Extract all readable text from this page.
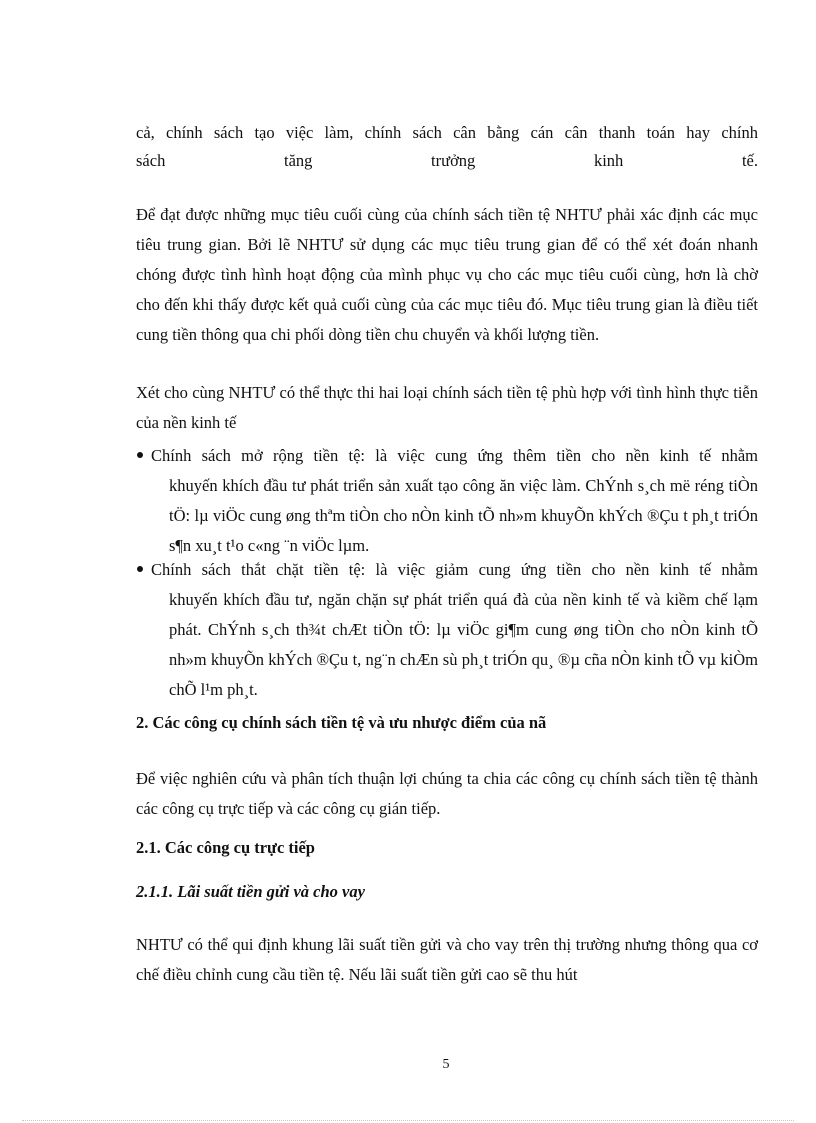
cả, chính sách tạo việc làm, chính sách cân bằng cán cân thanh toán hay chính

sách tăng trưởng kinh tế.

Để đạt được những mục tiêu cuối cùng của chính sách tiền tệ NHTƯ phải xác định các mục tiêu trung gian. Bởi lẽ NHTƯ sử dụng các mục tiêu trung gian để có thể xét đoán nhanh chóng được tình hình hoạt động của mình phục vụ cho các mục tiêu cuối cùng, hơn là chờ cho đến khi thấy được kết quả cuối cùng của các mục tiêu đó. Mục tiêu trung gian là điều tiết cung tiền thông qua chi phối dòng tiền chu chuyển và khối lượng tiền.

Xét cho cùng NHTƯ có thể thực thi hai loại chính sách tiền tệ phù hợp với tình hình thực tiễn của nền kinh tế

Chính sách mở rộng tiền tệ: là việc cung ứng thêm tiền cho nền kinh tế nhằm
khuyến khích đầu tư phát triển sản xuất tạo công ăn việc làm. ChÝnh s¸ch më réng tiÒn tÖ: lµ viÖc cung øng thªm tiÒn cho nÒn kinh tÕ nh»m khuyÕn khÝch ®Çu t ph¸t triÓn s¶n xu¸t t¹o c«ng ¨n viÖc lµm.
Chính sách thắt chặt tiền tệ: là việc giảm cung ứng tiền cho nền kinh tế nhằm
khuyến khích đầu tư, ngăn chặn sự phát triển quá đà của nền kinh tế và kiềm chế lạm phát. ChÝnh s¸ch th¾t chÆt tiÒn tÖ: lµ viÖc gi¶m cung øng tiÒn cho nÒn kinh tÕ nh»m khuyÕn khÝch ®Çu t, ng¨n chÆn sù ph¸t triÓn qu¸ ®µ cña nÒn kinh tÕ vµ kiÒm chÕ l¹m ph¸t.

2. Các công cụ chính sách tiền tệ và ưu nhược điểm của nã

Để việc nghiên cứu và phân tích thuận lợi chúng ta chia các công cụ chính sách tiền tệ thành các công cụ trực tiếp và các công cụ gián tiếp.

2.1. Các công cụ trực tiếp

2.1.1. Lãi suất tiền gửi và cho vay

NHTƯ có thể qui định khung lãi suất tiền gửi và cho vay trên thị trường nhưng thông qua cơ chế điều chỉnh cung cầu tiền tệ. Nếu lãi suất tiền gửi cao sẽ thu hút

5
